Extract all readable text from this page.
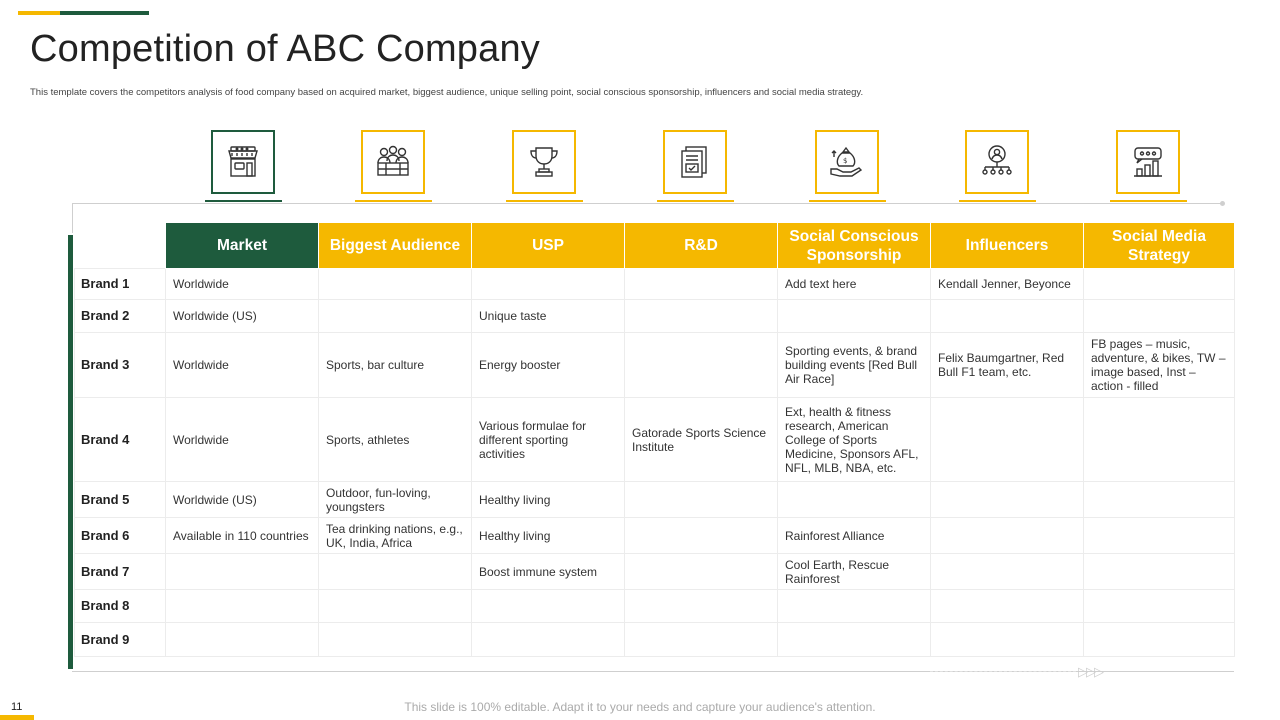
Competition of ABC Company
This template covers the competitors analysis of food company based on acquired market, biggest audience, unique selling point, social conscious sponsorship, influencers and social media strategy.
$
	Market	Biggest Audience	USP	R&D	Social Conscious Sponsorship	Influencers	Social Media Strategy
Brand 1	Worldwide				Add text here	Kendall Jenner, Beyonce	
Brand 2	Worldwide (US)		Unique taste				
Brand 3	Worldwide	Sports, bar culture	Energy booster		Sporting events, & brand building events [Red Bull Air Race]	Felix Baumgartner, Red Bull F1 team, etc.	FB pages – music, adventure, & bikes, TW – image based, Inst – action - filled
Brand 4	Worldwide	Sports, athletes	Various formulae for different sporting activities	Gatorade Sports Science Institute	Ext, health & fitness research, American College of Sports Medicine, Sponsors AFL, NFL, MLB, NBA, etc.		
Brand 5	Worldwide (US)	Outdoor, fun-loving, youngsters	Healthy living				
Brand 6	Available in 110 countries	Tea drinking nations, e.g., UK, India, Africa	Healthy living		Rainforest Alliance		
Brand 7			Boost immune system		Cool Earth, Rescue Rainforest		
Brand 8							
Brand 9							
▷▷▷
11	This slide is 100% editable. Adapt it to your needs and capture your audience's attention.
